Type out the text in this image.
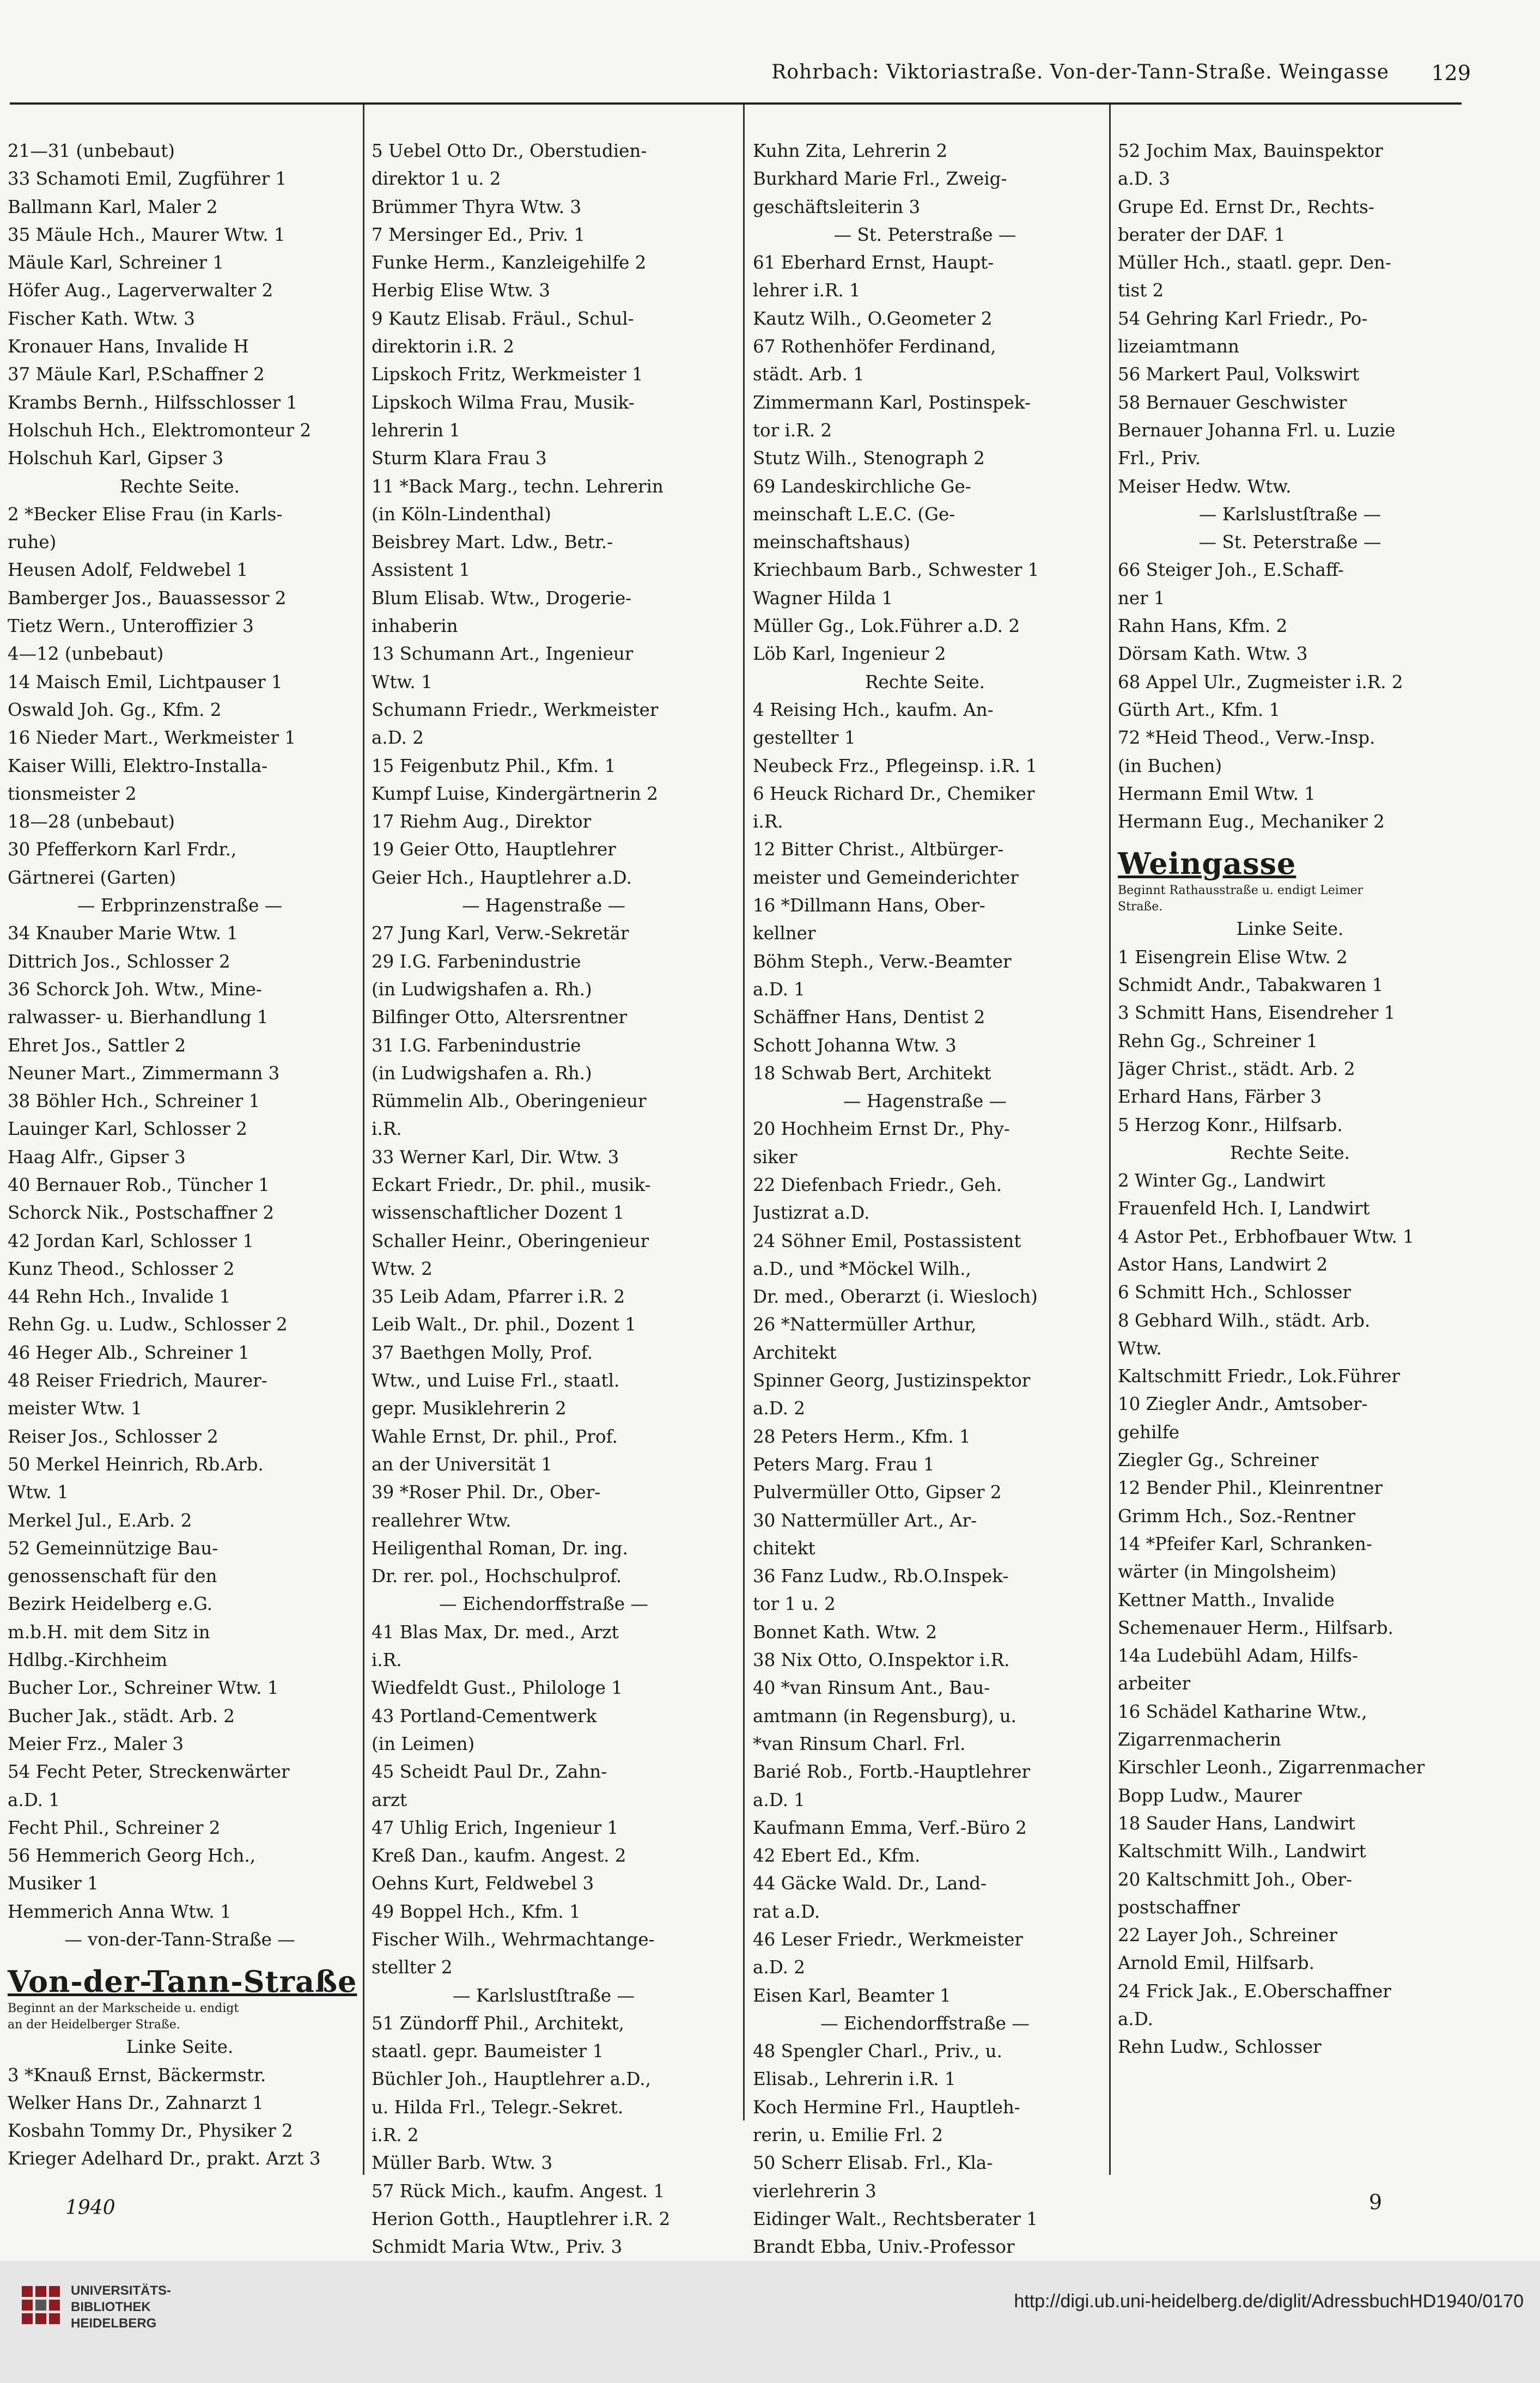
Rohrbach: Viktoriastraße. Von-der-Tann-Straße. Weingasse 129
21—31 (unbebaut)
33 Schamoti Emil, Zugführer 1
Ballmann Karl, Maler 2
35 Mäule Hch., Maurer Wtw. 1
Mäule Karl, Schreiner 1
Höfer Aug., Lagerverwalter 2
Fischer Kath. Wtw. 3
Kronauer Hans, Invalide H
37 Mäule Karl, P.Schaffner 2
Krambs Bernh., Hilfsschlosser 1
Holschuh Hch., Elektromonteur 2
Holschuh Karl, Gipser 3
Rechte Seite.
2 *Becker Elise Frau (in Karls-
ruhe)
Heusen Adolf, Feldwebel 1
Bamberger Jos., Bauassessor 2
Tietz Wern., Unteroffizier 3
4—12 (unbebaut)
14 Maisch Emil, Lichtpauser 1
Oswald Joh. Gg., Kfm. 2
16 Nieder Mart., Werkmeister 1
Kaiser Willi, Elektro-Installa-
tionsmeister 2
18—28 (unbebaut)
30 Pfefferkorn Karl Frdr.,
Gärtnerei (Garten)
— Erbprinzenstraße —
34 Knauber Marie Wtw. 1
Dittrich Jos., Schlosser 2
36 Schorck Joh. Wtw., Mine-
ralwasser- u. Bierhandlung 1
Ehret Jos., Sattler 2
Neuner Mart., Zimmermann 3
38 Böhler Hch., Schreiner 1
Lauinger Karl, Schlosser 2
Haag Alfr., Gipser 3
40 Bernauer Rob., Tüncher 1
Schorck Nik., Postschaffner 2
42 Jordan Karl, Schlosser 1
Kunz Theod., Schlosser 2
44 Rehn Hch., Invalide 1
Rehn Gg. u. Ludw., Schlosser 2
46 Heger Alb., Schreiner 1
48 Reiser Friedrich, Maurer-
meister Wtw. 1
Reiser Jos., Schlosser 2
50 Merkel Heinrich, Rb.Arb.
Wtw. 1
Merkel Jul., E.Arb. 2
52 Gemeinnützige Bau-
genossenschaft für den
Bezirk Heidelberg e.G.
m.b.H. mit dem Sitz in
Hdlbg.-Kirchheim
Bucher Lor., Schreiner Wtw. 1
Bucher Jak., städt. Arb. 2
Meier Frz., Maler 3
54 Fecht Peter, Streckenwärter
a.D. 1
Fecht Phil., Schreiner 2
56 Hemmerich Georg Hch.,
Musiker 1
Hemmerich Anna Wtw. 1
— von-der-Tann-Straße —
Von-der-Tann-Straße
Beginnt an der Markscheide u. endigt
an der Heidelberger Straße.
Linke Seite.
3 *Knauß Ernst, Bäckermstr.
Welker Hans Dr., Zahnarzt 1
Kosbahn Tommy Dr., Physiker 2
Krieger Adelhard Dr., prakt. Arzt 3
5 Uebel Otto Dr., Oberstudien-
direktor 1 u. 2
Brümmer Thyra Wtw. 3
7 Mersinger Ed., Priv. 1
Funke Herm., Kanzleigehilfe 2
Herbig Elise Wtw. 3
9 Kautz Elisab. Fräul., Schul-
direktorin i.R. 2
Lipskoch Fritz, Werkmeister 1
Lipskoch Wilma Frau, Musik-
lehrerin 1
Sturm Klara Frau 3
11 *Back Marg., techn. Lehrerin
(in Köln-Lindenthal)
Beisbrey Mart. Ldw., Betr.-
Assistent 1
Blum Elisab. Wtw., Drogerie-
inhaberin
13 Schumann Art., Ingenieur
Wtw. 1
Schumann Friedr., Werkmeister
a.D. 2
15 Feigenbutz Phil., Kfm. 1
Kumpf Luise, Kindergärtnerin 2
17 Riehm Aug., Direktor
19 Geier Otto, Hauptlehrer
Geier Hch., Hauptlehrer a.D.
— Hagenstraße —
27 Jung Karl, Verw.-Sekretär
29 I.G. Farbenindustrie
(in Ludwigshafen a. Rh.)
Bilfinger Otto, Altersrentner
31 I.G. Farbenindustrie
(in Ludwigshafen a. Rh.)
Rümmelin Alb., Oberingenieur
i.R.
33 Werner Karl, Dir. Wtw. 3
Eckart Friedr., Dr. phil., musik-
wissenschaftlicher Dozent 1
Schaller Heinr., Oberingenieur
Wtw. 2
35 Leib Adam, Pfarrer i.R. 2
Leib Walt., Dr. phil., Dozent 1
37 Baethgen Molly, Prof.
Wtw., und Luise Frl., staatl.
gepr. Musiklehrerin 2
Wahle Ernst, Dr. phil., Prof.
an der Universität 1
39 *Roser Phil. Dr., Ober-
reallehrer Wtw.
Heiligenthal Roman, Dr. ing.
Dr. rer. pol., Hochschulprof.
— Eichendorffstraße —
41 Blas Max, Dr. med., Arzt
i.R.
Wiedfeldt Gust., Philologe 1
43 Portland-Cementwerk
(in Leimen)
45 Scheidt Paul Dr., Zahn-
arzt
47 Uhlig Erich, Ingenieur 1
Kreß Dan., kaufm. Angest. 2
Oehns Kurt, Feldwebel 3
49 Boppel Hch., Kfm. 1
Fischer Wilh., Wehrmachtange-
stellter 2
— Karlslustſtraße —
51 Zündorff Phil., Architekt,
staatl. gepr. Baumeister 1
Büchler Joh., Hauptlehrer a.D.,
u. Hilda Frl., Telegr.-Sekret.
i.R. 2
Müller Barb. Wtw. 3
57 Rück Mich., kaufm. Angest. 1
Herion Gotth., Hauptlehrer i.R. 2
Schmidt Maria Wtw., Priv. 3
Kuhn Zita, Lehrerin 2
Burkhard Marie Frl., Zweig-
geschäftsleiterin 3
— St. Peterstraße —
61 Eberhard Ernst, Haupt-
lehrer i.R. 1
Kautz Wilh., O.Geometer 2
67 Rothenhöfer Ferdinand,
städt. Arb. 1
Zimmermann Karl, Postinspek-
tor i.R. 2
Stutz Wilh., Stenograph 2
69 Landeskirchliche Ge-
meinschaft L.E.C. (Ge-
meinschaftshaus)
Kriechbaum Barb., Schwester 1
Wagner Hilda 1
Müller Gg., Lok.Führer a.D. 2
Löb Karl, Ingenieur 2
Rechte Seite.
4 Reising Hch., kaufm. An-
gestellter 1
Neubeck Frz., Pflegeinsp. i.R. 1
6 Heuck Richard Dr., Chemiker
i.R.
12 Bitter Christ., Altbürger-
meister und Gemeinderichter
16 *Dillmann Hans, Ober-
kellner
Böhm Steph., Verw.-Beamter
a.D. 1
Schäffner Hans, Dentist 2
Schott Johanna Wtw. 3
18 Schwab Bert, Architekt
— Hagenstraße —
20 Hochheim Ernst Dr., Phy-
siker
22 Diefenbach Friedr., Geh.
Justizrat a.D.
24 Söhner Emil, Postassistent
a.D., und *Möckel Wilh.,
Dr. med., Oberarzt (i. Wiesloch)
26 *Nattermüller Arthur,
Architekt
Spinner Georg, Justizinspektor
a.D. 2
28 Peters Herm., Kfm. 1
Peters Marg. Frau 1
Pulvermüller Otto, Gipser 2
30 Nattermüller Art., Ar-
chitekt
36 Fanz Ludw., Rb.O.Inspek-
tor 1 u. 2
Bonnet Kath. Wtw. 2
38 Nix Otto, O.Inspektor i.R.
40 *van Rinsum Ant., Bau-
amtmann (in Regensburg), u.
*van Rinsum Charl. Frl.
Barié Rob., Fortb.-Hauptlehrer
a.D. 1
Kaufmann Emma, Verf.-Büro 2
42 Ebert Ed., Kfm.
44 Gäcke Wald. Dr., Land-
rat a.D.
46 Leser Friedr., Werkmeister
a.D. 2
Eisen Karl, Beamter 1
— Eichendorffstraße —
48 Spengler Charl., Priv., u.
Elisab., Lehrerin i.R. 1
Koch Hermine Frl., Hauptleh-
rerin, u. Emilie Frl. 2
50 Scherr Elisab. Frl., Kla-
vierlehrerin 3
Eidinger Walt., Rechtsberater 1
Brandt Ebba, Univ.-Professor
52 Jochim Max, Bauinspektor
a.D. 3
Grupe Ed. Ernst Dr., Rechts-
berater der DAF. 1
Müller Hch., staatl. gepr. Den-
tist 2
54 Gehring Karl Friedr., Po-
lizeiamtmann
56 Markert Paul, Volkswirt
58 Bernauer Geschwister
Bernauer Johanna Frl. u. Luzie
Frl., Priv.
Meiser Hedw. Wtw.
— Karlslustſtraße —
— St. Peterstraße —
66 Steiger Joh., E.Schaff-
ner 1
Rahn Hans, Kfm. 2
Dörsam Kath. Wtw. 3
68 Appel Ulr., Zugmeister i.R. 2
Gürth Art., Kfm. 1
72 *Heid Theod., Verw.-Insp.
(in Buchen)
Hermann Emil Wtw. 1
Hermann Eug., Mechaniker 2
Weingasse
Beginnt Rathausstraße u. endigt Leimer
Straße.
Linke Seite.
1 Eisengrein Elise Wtw. 2
Schmidt Andr., Tabakwaren 1
3 Schmitt Hans, Eisendreher 1
Rehn Gg., Schreiner 1
Jäger Christ., städt. Arb. 2
Erhard Hans, Färber 3
5 Herzog Konr., Hilfsarb.
Rechte Seite.
2 Winter Gg., Landwirt
Frauenfeld Hch. I, Landwirt
4 Astor Pet., Erbhofbauer Wtw. 1
Astor Hans, Landwirt 2
6 Schmitt Hch., Schlosser
8 Gebhard Wilh., städt. Arb.
Wtw.
Kaltschmitt Friedr., Lok.Führer
10 Ziegler Andr., Amtsober-
gehilfe
Ziegler Gg., Schreiner
12 Bender Phil., Kleinrentner
Grimm Hch., Soz.-Rentner
14 *Pfeifer Karl, Schranken-
wärter (in Mingolsheim)
Kettner Matth., Invalide
Schemenauer Herm., Hilfsarb.
14a Ludebühl Adam, Hilfs-
arbeiter
16 Schädel Katharine Wtw.,
Zigarrenmacherin
Kirschler Leonh., Zigarrenmacher
Bopp Ludw., Maurer
18 Sauder Hans, Landwirt
Kaltschmitt Wilh., Landwirt
20 Kaltschmitt Joh., Ober-
postschaffner
22 Layer Joh., Schreiner
Arnold Emil, Hilfsarb.
24 Frick Jak., E.Oberschaffner
a.D.
Rehn Ludw., Schlosser
1940	9
UNIVERSITÄTS-
BIBLIOTHEK
HEIDELBERG
http://digi.ub.uni-heidelberg.de/diglit/AdressbuchHD1940/0170
